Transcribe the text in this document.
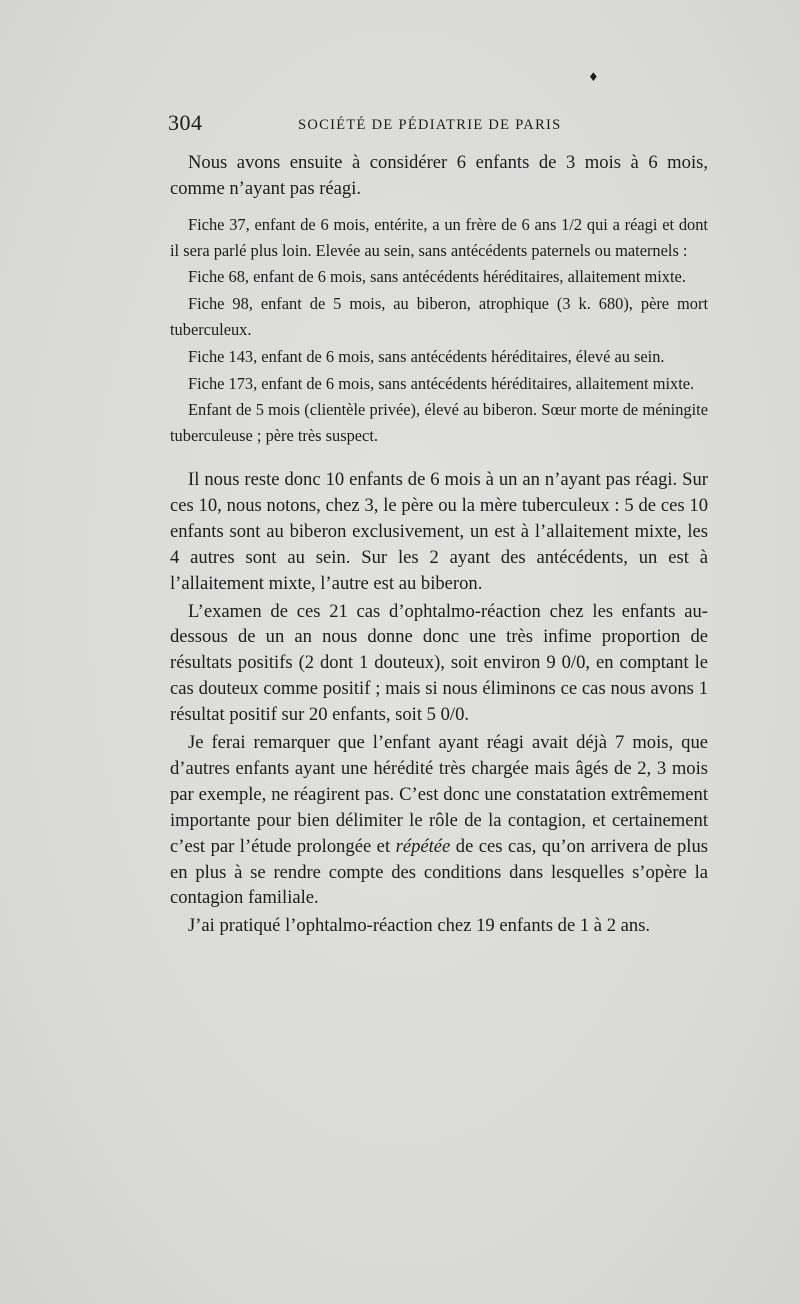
304	SOCIÉTÉ DE PÉDIATRIE DE PARIS
♦

Nous avons ensuite à considérer 6 enfants de 3 mois à 6 mois, comme n’ayant pas réagi.

Fiche 37, enfant de 6 mois, entérite, a un frère de 6 ans 1/2 qui a réagi et dont il sera parlé plus loin. Elevée au sein, sans antécédents paternels ou maternels :

Fiche 68, enfant de 6 mois, sans antécédents héréditaires, allaitement mixte.

Fiche 98, enfant de 5 mois, au biberon, atrophique (3 k. 680), père mort tuberculeux.

Fiche 143, enfant de 6 mois, sans antécédents héréditaires, élevé au sein.

Fiche 173, enfant de 6 mois, sans antécédents héréditaires, allaitement mixte.

Enfant de 5 mois (clientèle privée), élevé au biberon. Sœur morte de méningite tuberculeuse ; père très suspect.

Il nous reste donc 10 enfants de 6 mois à un an n’ayant pas réagi. Sur ces 10, nous notons, chez 3, le père ou la mère tuberculeux : 5 de ces 10 enfants sont au biberon exclusivement, un est à l’allaitement mixte, les 4 autres sont au sein. Sur les 2 ayant des antécédents, un est à l’allaitement mixte, l’autre est au biberon.

L’examen de ces 21 cas d’ophtalmo-réaction chez les enfants au-dessous de un an nous donne donc une très infime proportion de résultats positifs (2 dont 1 douteux), soit environ 9 0/0, en comptant le cas douteux comme positif ; mais si nous éliminons ce cas nous avons 1 résultat positif sur 20 enfants, soit 5 0/0.

Je ferai remarquer que l’enfant ayant réagi avait déjà 7 mois, que d’autres enfants ayant une hérédité très chargée mais âgés de 2, 3 mois par exemple, ne réagirent pas. C’est donc une constatation extrêmement importante pour bien délimiter le rôle de la contagion, et certainement c’est par l’étude prolongée et répétée de ces cas, qu’on arrivera de plus en plus à se rendre compte des conditions dans lesquelles s’opère la contagion familiale.

J’ai pratiqué l’ophtalmo-réaction chez 19 enfants de 1 à 2 ans.
